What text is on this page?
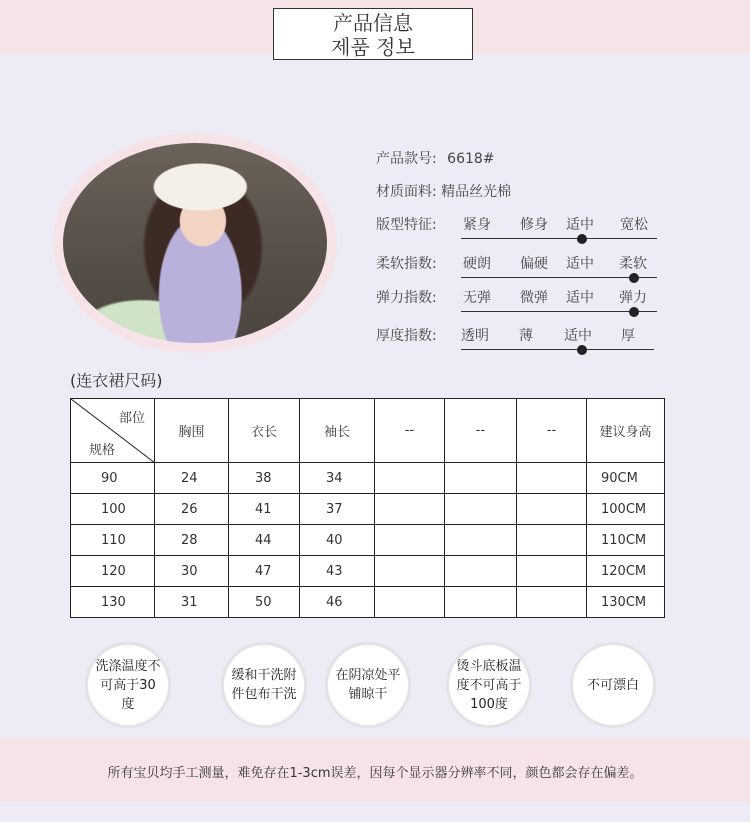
产品信息
제품 정보
产品款号: 6618#
材质面料: 精品丝光棉
版型特征: 紧身 修身 适中 宽松
柔软指数: 硬朗 偏硬 适中 柔软
弹力指数: 无弹 微弹 适中 弹力
厚度指数: 透明 薄 适中 厚
(连衣裙尺码)
部位
规格	胸围	衣长	袖长	--	--	--	建议身高
90	24	38	34				90CM
100	26	41	37				100CM
110	28	44	40				110CM
120	30	47	43				120CM
130	31	50	46				130CM
洗涤温度不可高于30度
缓和干洗附件包布干洗
在阴凉处平铺晾干
烫斗底板温度不可高于100度
不可漂白
所有宝贝均手工测量，难免存在1-3cm误差，因每个显示器分辨率不同，颜色都会存在偏差。
